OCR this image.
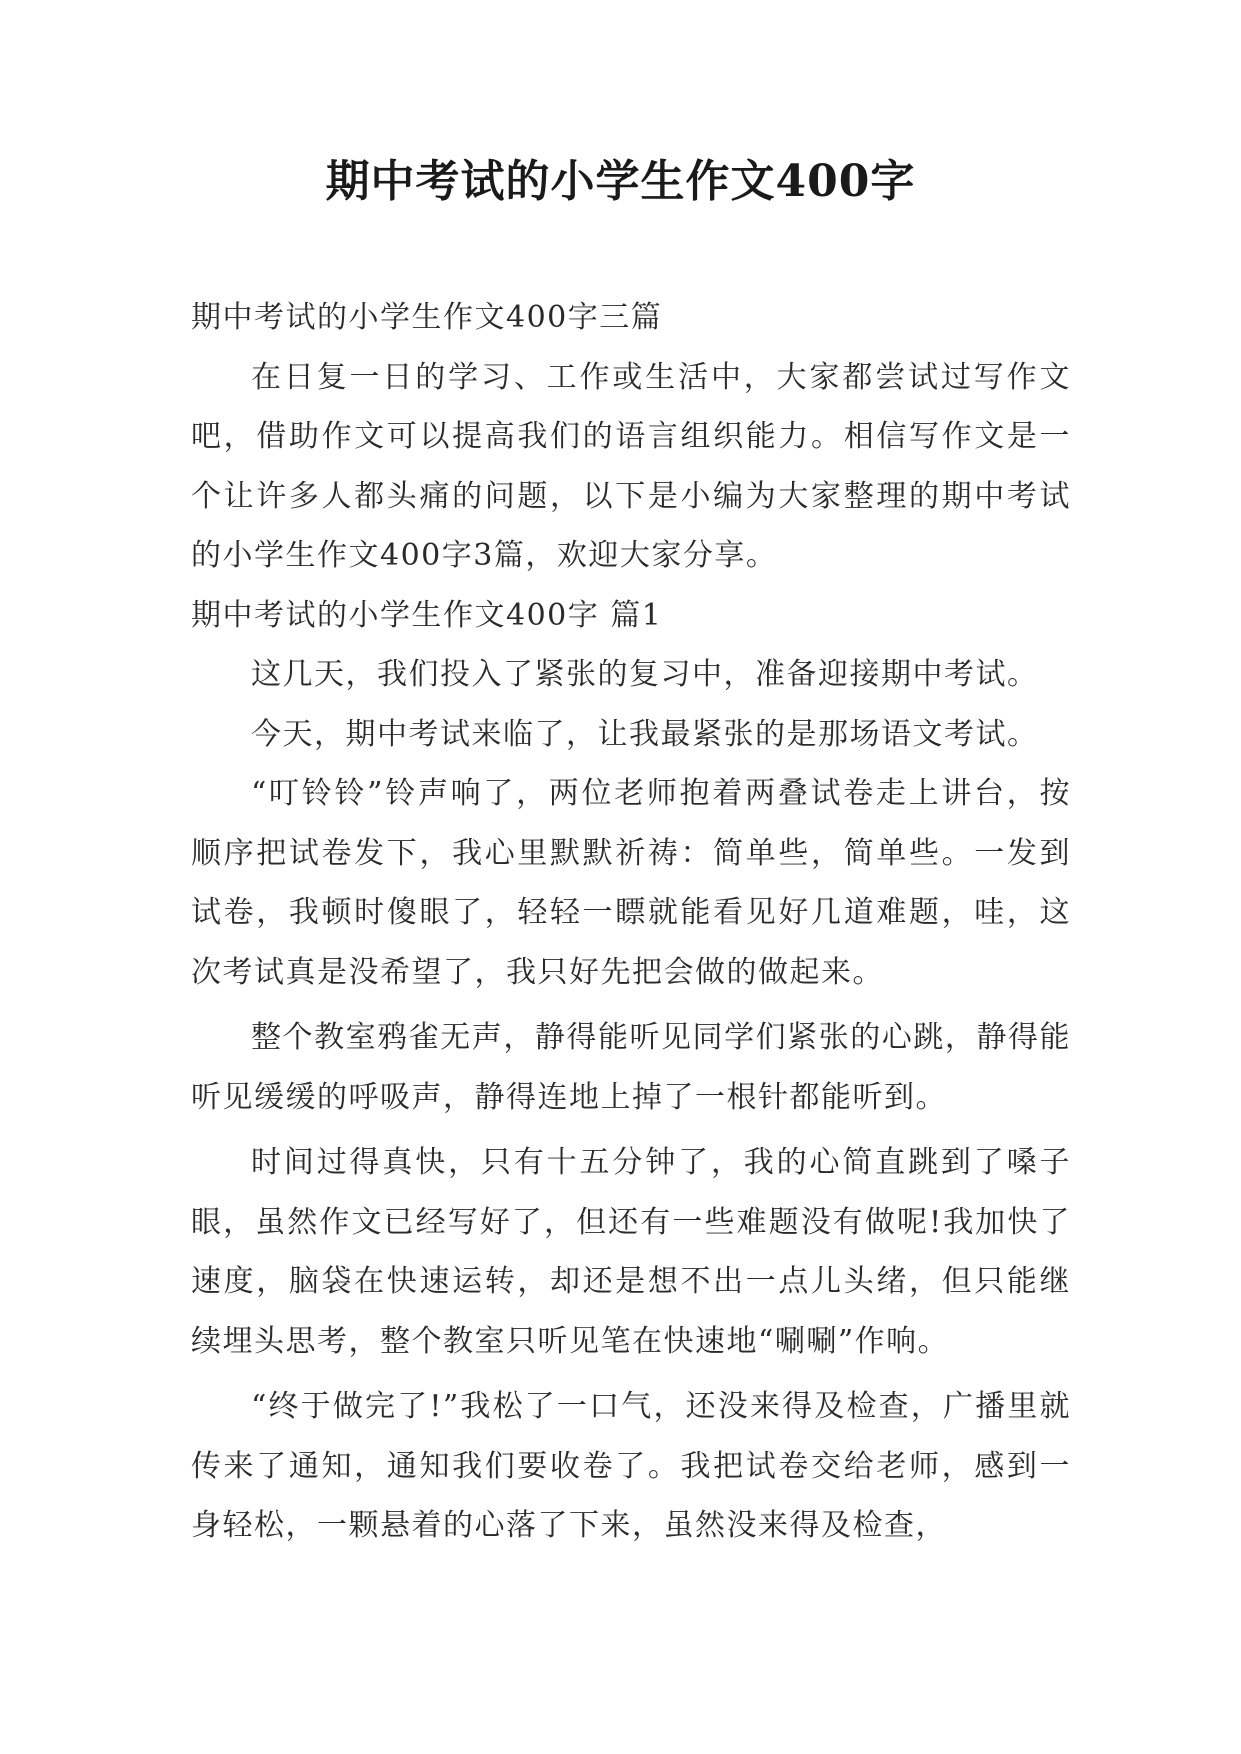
期中考试的小学生作文400字

期中考试的小学生作文400字三篇

在日复一日的学习、工作或生活中，大家都尝试过写作文吧，借助作文可以提高我们的语言组织能力。相信写作文是一个让许多人都头痛的问题，以下是小编为大家整理的期中考试的小学生作文400字3篇，欢迎大家分享。

期中考试的小学生作文400字 篇1

这几天，我们投入了紧张的复习中，准备迎接期中考试。

今天，期中考试来临了，让我最紧张的是那场语文考试。

“叮铃铃”铃声响了，两位老师抱着两叠试卷走上讲台，按顺序把试卷发下，我心里默默祈祷：简单些，简单些。一发到试卷，我顿时傻眼了，轻轻一瞟就能看见好几道难题，哇，这次考试真是没希望了，我只好先把会做的做起来。

整个教室鸦雀无声，静得能听见同学们紧张的心跳，静得能听见缓缓的呼吸声，静得连地上掉了一根针都能听到。

时间过得真快，只有十五分钟了，我的心简直跳到了嗓子眼，虽然作文已经写好了，但还有一些难题没有做呢!我加快了速度，脑袋在快速运转，却还是想不出一点儿头绪，但只能继续埋头思考，整个教室只听见笔在快速地“唰唰”作响。

“终于做完了!”我松了一口气，还没来得及检查，广播里就传来了通知，通知我们要收卷了。我把试卷交给老师，感到一身轻松，一颗悬着的心落了下来，虽然没来得及检查，
